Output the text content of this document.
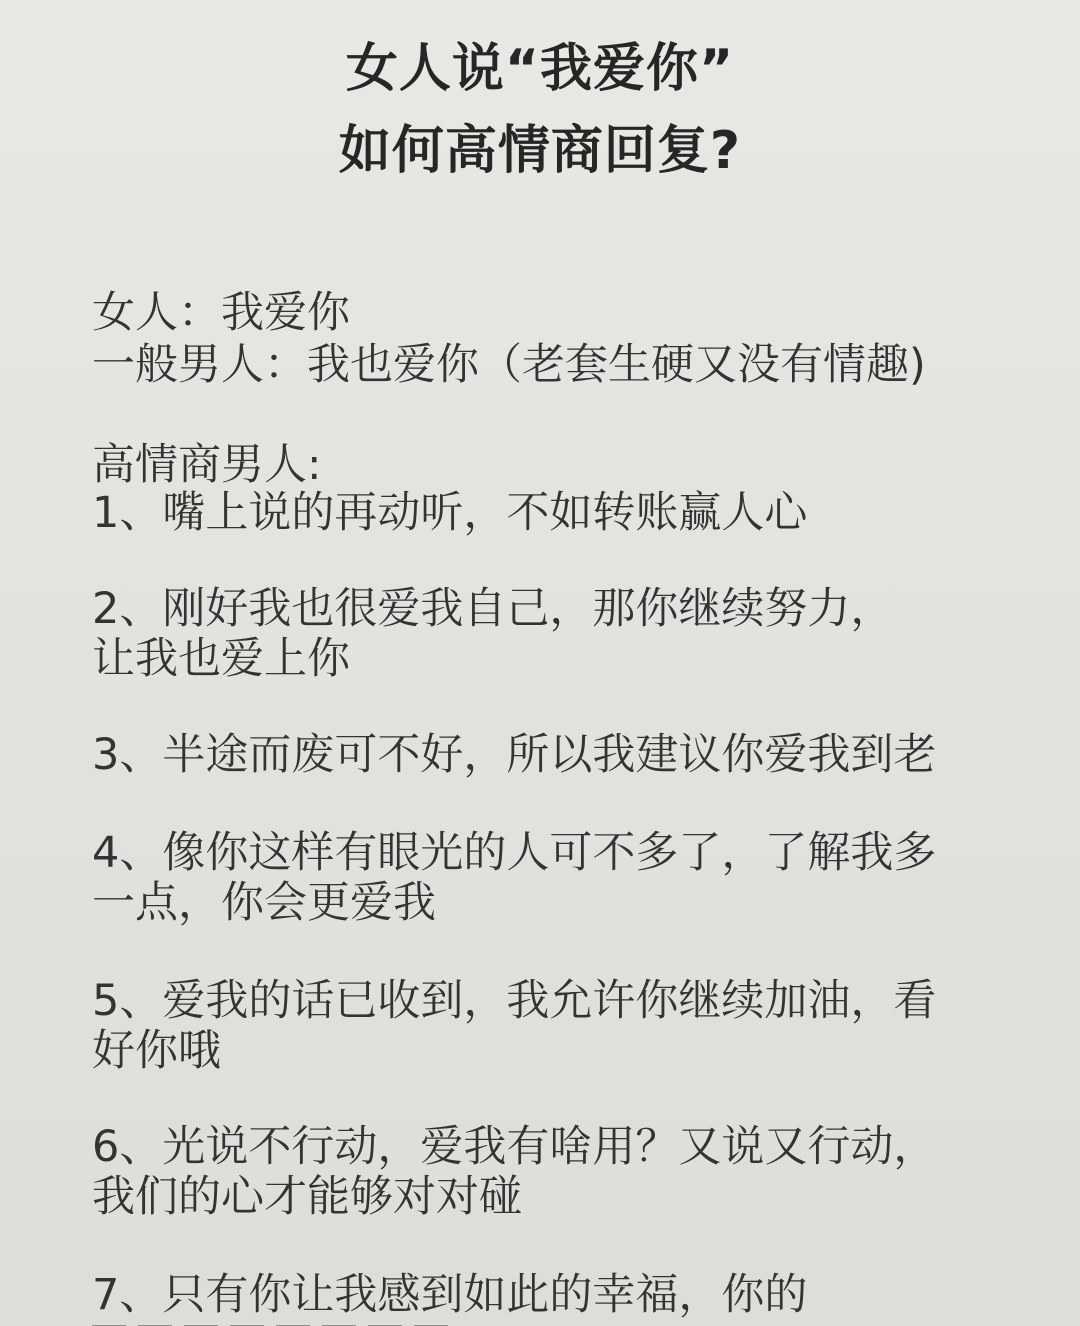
女人说“我爱你”
如何高情商回复?
女人：我爱你
一般男人：我也爱你（老套生硬又没有情趣)
高情商男人:
1、嘴上说的再动听，不如转账赢人心
2、刚好我也很爱我自己，那你继续努力，
让我也爱上你
3、半途而废可不好，所以我建议你爱我到老
4、像你这样有眼光的人可不多了，了解我多
一点，你会更爱我
5、爱我的话已收到，我允许你继续加油，看
好你哦
6、光说不行动，爱我有啥用？又说又行动，
我们的心才能够对对碰
7、只有你让我感到如此的幸福，你的
